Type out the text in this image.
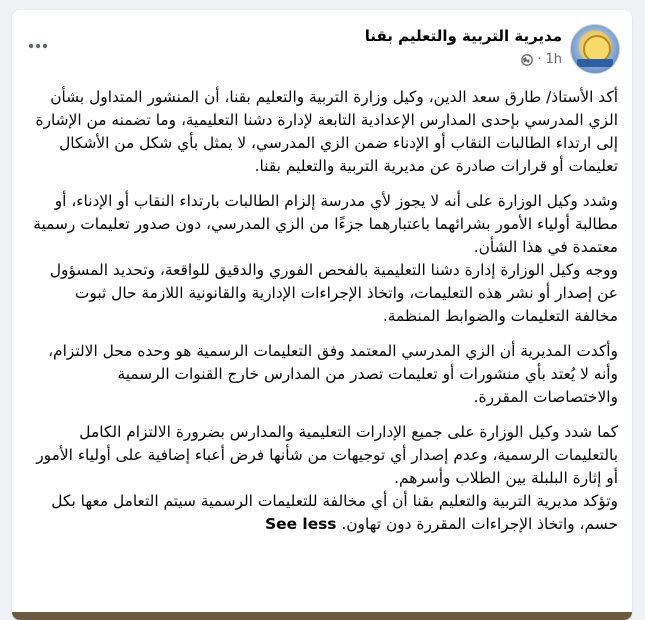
مديرية التربية والتعليم بقنا
· 1h

أكد الأستاذ/ طارق سعد الدين، وكيل وزارة التربية والتعليم بقنا، أن المنشور المتداول بشأن الزي المدرسي بإحدى المدارس الإعدادية التابعة لإدارة دشنا التعليمية، وما تضمنه من الإشارة إلى ارتداء الطالبات النقاب أو الإدناء ضمن الزي المدرسي، لا يمثل بأي شكل من الأشكال تعليمات أو قرارات صادرة عن مديرية التربية والتعليم بقنا.

وشدد وكيل الوزارة على أنه لا يجوز لأي مدرسة إلزام الطالبات بارتداء النقاب أو الإدناء، أو مطالبة أولياء الأمور بشرائهما باعتبارهما جزءًا من الزي المدرسي، دون صدور تعليمات رسمية معتمدة في هذا الشأن.
ووجه وكيل الوزارة إدارة دشنا التعليمية بالفحص الفوري والدقيق للواقعة، وتحديد المسؤول عن إصدار أو نشر هذه التعليمات، واتخاذ الإجراءات الإدارية والقانونية اللازمة حال ثبوت مخالفة التعليمات والضوابط المنظمة.

وأكدت المديرية أن الزي المدرسي المعتمد وفق التعليمات الرسمية هو وحده محل الالتزام، وأنه لا يُعتد بأي منشورات أو تعليمات تصدر من المدارس خارج القنوات الرسمية والاختصاصات المقررة.

كما شدد وكيل الوزارة على جميع الإدارات التعليمية والمدارس بضرورة الالتزام الكامل بالتعليمات الرسمية، وعدم إصدار أي توجيهات من شأنها فرض أعباء إضافية على أولياء الأمور أو إثارة البلبلة بين الطلاب وأسرهم.
وتؤكد مديرية التربية والتعليم بقنا أن أي مخالفة للتعليمات الرسمية سيتم التعامل معها بكل حسم، واتخاذ الإجراءات المقررة دون تهاون. See less
